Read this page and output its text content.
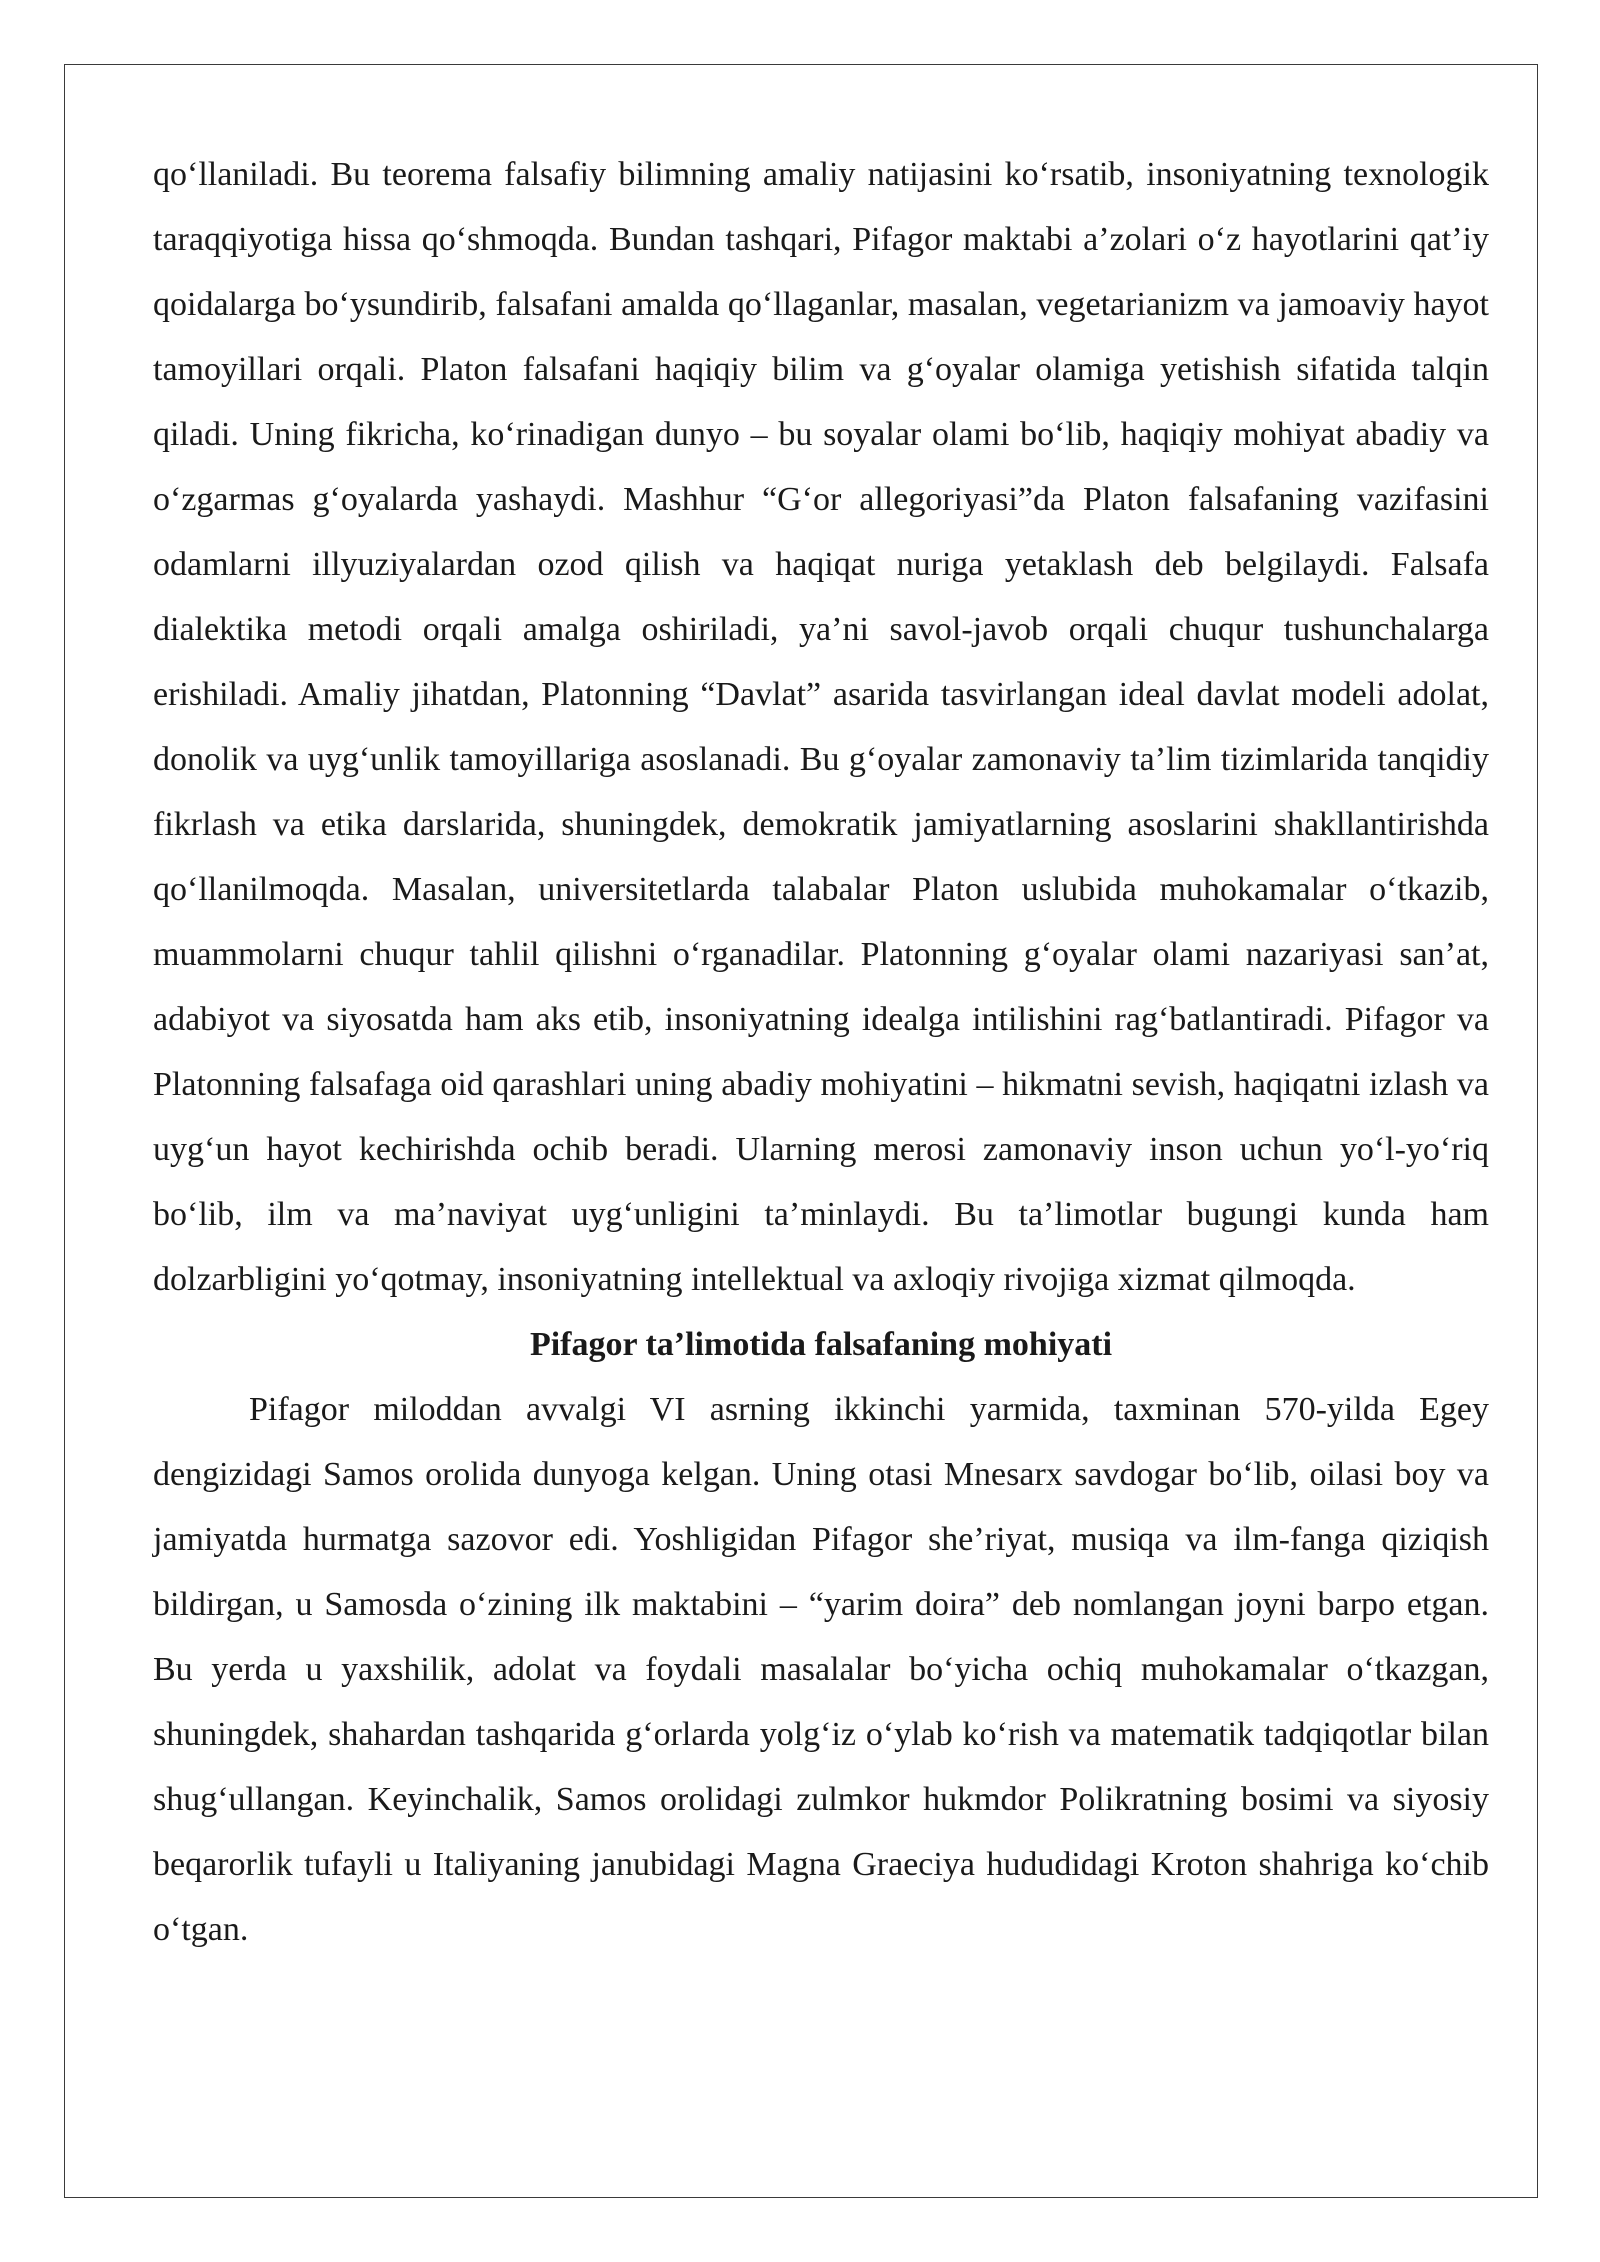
qo‘llaniladi. Bu teorema falsafiy bilimning amaliy natijasini ko‘rsatib, insoniyatning texnologik taraqqiyotiga hissa qo‘shmoqda. Bundan tashqari, Pifagor maktabi a’zolari o‘z hayotlarini qat’iy qoidalarga bo‘ysundirib, falsafani amalda qo‘llaganlar, masalan, vegetarianizm va jamoaviy hayot tamoyillari orqali. Platon falsafani haqiqiy bilim va g‘oyalar olamiga yetishish sifatida talqin qiladi. Uning fikricha, ko‘rinadigan dunyo – bu soyalar olami bo‘lib, haqiqiy mohiyat abadiy va o‘zgarmas g‘oyalarda yashaydi. Mashhur “G‘or allegoriyasi”da Platon falsafaning vazifasini odamlarni illyuziyalardan ozod qilish va haqiqat nuriga yetaklash deb belgilaydi. Falsafa dialektika metodi orqali amalga oshiriladi, ya’ni savol-javob orqali chuqur tushunchalarga erishiladi. Amaliy jihatdan, Platonning “Davlat” asarida tasvirlangan ideal davlat modeli adolat, donolik va uyg‘unlik tamoyillariga asoslanadi. Bu g‘oyalar zamonaviy ta’lim tizimlarida tanqidiy fikrlash va etika darslarida, shuningdek, demokratik jamiyatlarning asoslarini shakllantirishda qo‘llanilmoqda. Masalan, universitetlarda talabalar Platon uslubida muhokamalar o‘tkazib, muammolarni chuqur tahlil qilishni o‘rganadilar. Platonning g‘oyalar olami nazariyasi san’at, adabiyot va siyosatda ham aks etib, insoniyatning idealga intilishini rag‘batlantiradi. Pifagor va Platonning falsafaga oid qarashlari uning abadiy mohiyatini – hikmatni sevish, haqiqatni izlash va uyg‘un hayot kechirishda ochib beradi. Ularning merosi zamonaviy inson uchun yo‘l-yo‘riq bo‘lib, ilm va ma’naviyat uyg‘unligini ta’minlaydi. Bu ta’limotlar bugungi kunda ham dolzarbligini yo‘qotmay, insoniyatning intellektual va axloqiy rivojiga xizmat qilmoqda.

Pifagor ta’limotida falsafaning mohiyati

Pifagor miloddan avvalgi VI asrning ikkinchi yarmida, taxminan 570-yilda Egey dengizidagi Samos orolida dunyoga kelgan. Uning otasi Mnesarx savdogar bo‘lib, oilasi boy va jamiyatda hurmatga sazovor edi. Yoshligidan Pifagor she’riyat, musiqa va ilm-fanga qiziqish bildirgan, u Samosda o‘zining ilk maktabini – “yarim doira” deb nomlangan joyni barpo etgan. Bu yerda u yaxshilik, adolat va foydali masalalar bo‘yicha ochiq muhokamalar o‘tkazgan, shuningdek, shahardan tashqarida g‘orlarda yolg‘iz o‘ylab ko‘rish va matematik tadqiqotlar bilan shug‘ullangan. Keyinchalik, Samos orolidagi zulmkor hukmdor Polikratning bosimi va siyosiy beqarorlik tufayli u Italiyaning janubidagi Magna Graeciya hududidagi Kroton shahriga ko‘chib o‘tgan.
